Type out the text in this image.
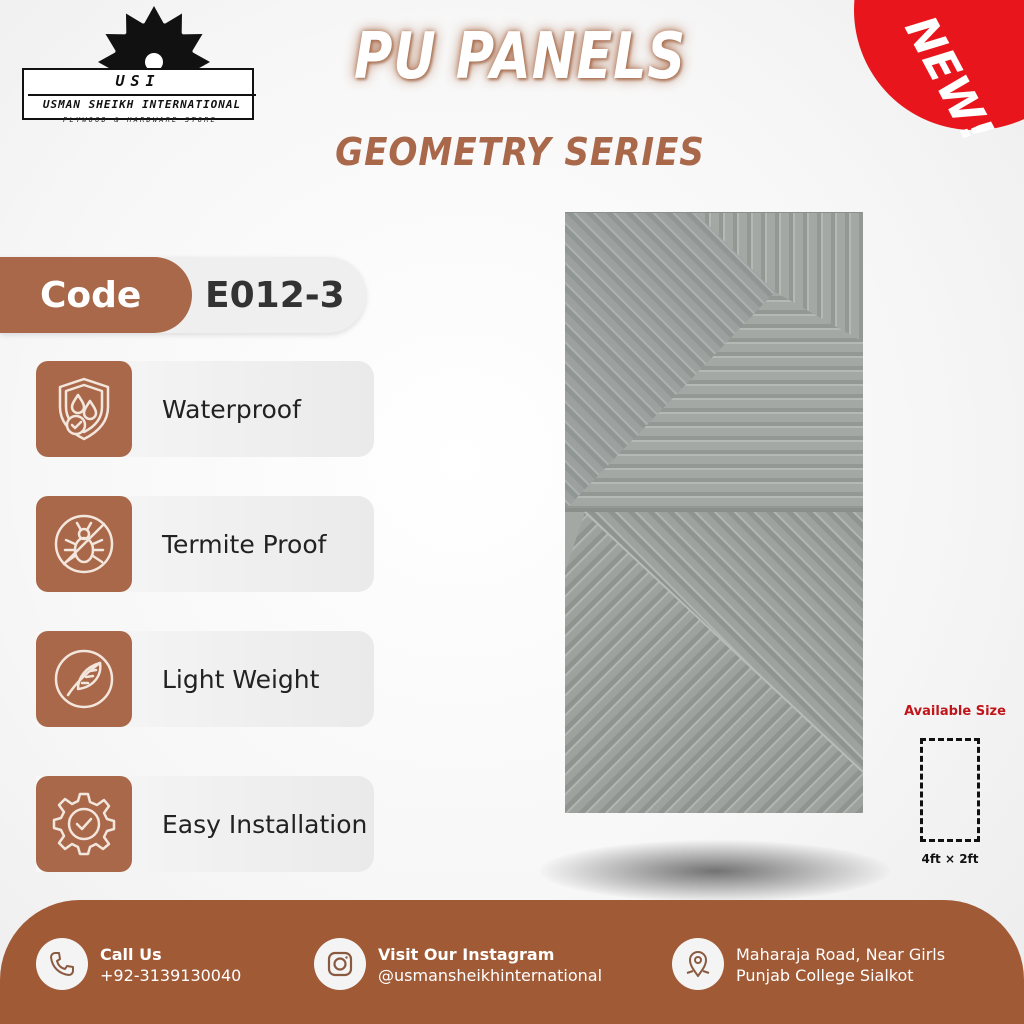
USI
USMAN SHEIKH INTERNATIONAL
PLYWOOD & HARDWARE STORE
PU PANELS
GEOMETRY SERIES
NEW!
Code	E012-3
Waterproof
Termite Proof
Light Weight
Easy Installation
Available Size
4ft × 2ft
Call Us
+92-3139130040
Visit Our Instagram
@usmansheikhinternational
Maharaja Road, Near Girls
Punjab College Sialkot
